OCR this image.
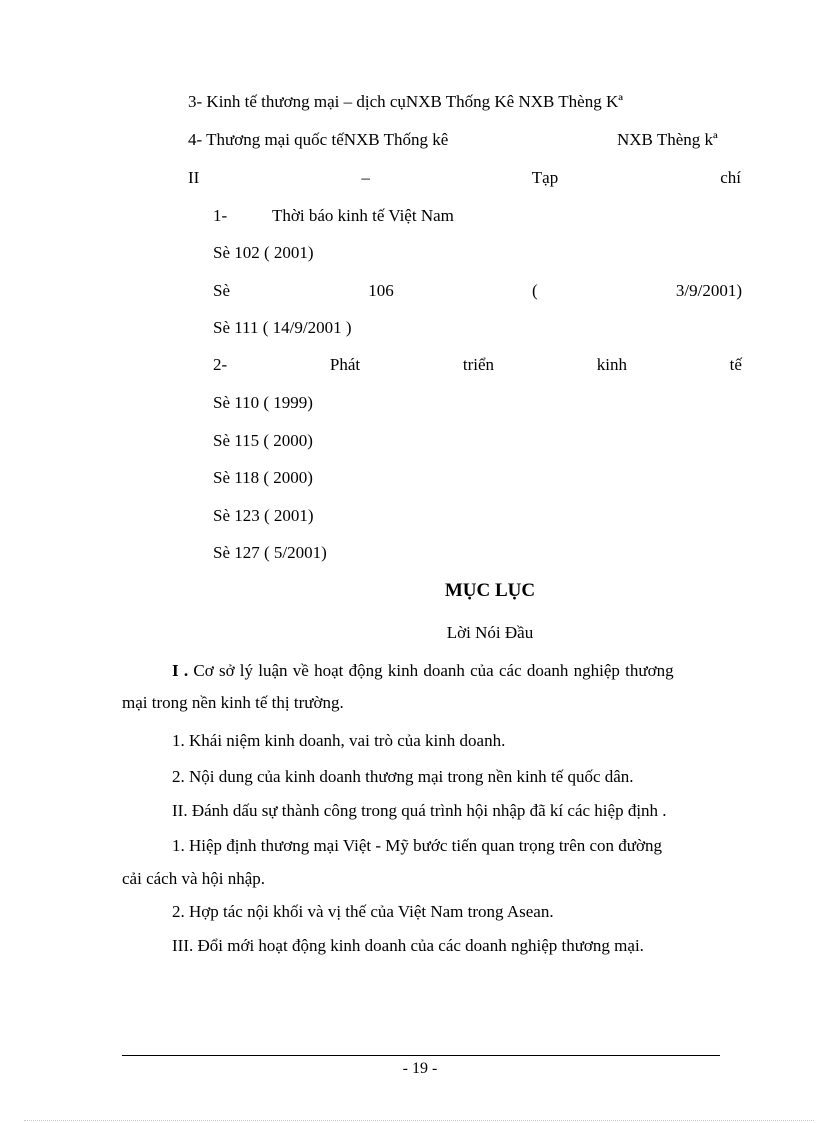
3- Kinh tế thương mại – dịch cụNXB Thống Kê NXB Thèng Kª
4- Thương mại quốc tếNXB Thống kê	NXB Thèng kª
II	–	Tạp	chí
1-	Thời báo kinh tế Việt Nam
Sè 102 ( 2001)
Sè	106	(	3/9/2001)
Sè 111 ( 14/9/2001 )
2-	Phát	triển	kinh	tế
Sè 110 ( 1999)
Sè 115 ( 2000)
Sè 118 ( 2000)
Sè 123 ( 2001)
Sè 127 ( 5/2001)
MỤC LỤC
Lời Nói Đầu
I . Cơ sở lý luận về hoạt động kinh doanh của các doanh nghiệp thương
mại trong nền kinh tế thị trường.
1. Khái niệm kinh doanh, vai trò của kinh doanh.
2. Nội dung của kinh doanh thương mại trong nền kinh tế quốc dân.
II. Đánh dấu sự thành công trong quá trình hội nhập đã kí các hiệp định .
1. Hiệp định thương mại Việt - Mỹ bước tiến quan trọng trên con đường
cải cách và hội nhập.
2. Hợp tác nội khối và vị thế của Việt Nam trong Asean.
III. Đổi mới hoạt động kinh doanh của các doanh nghiệp thương mại.
- 19 -
